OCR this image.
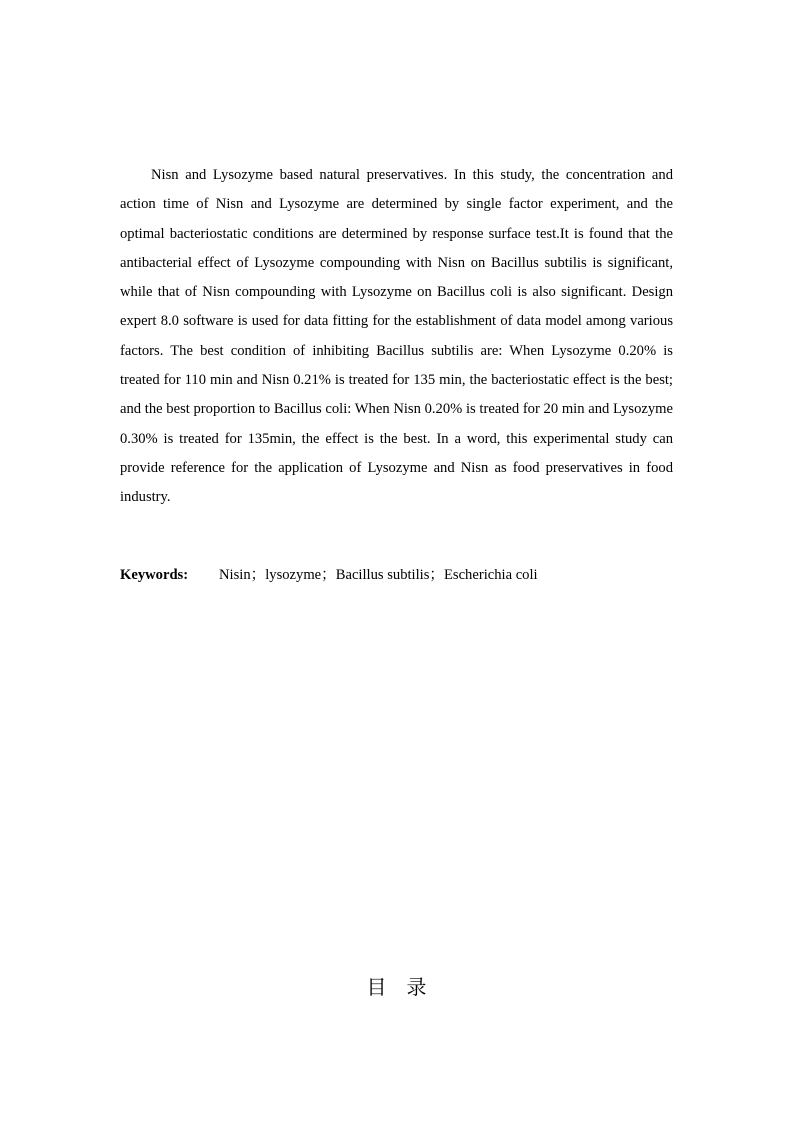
Nisn and Lysozyme based natural preservatives. In this study, the concentration and action time of Nisn and Lysozyme are determined by single factor experiment, and the optimal bacteriostatic conditions are determined by response surface test.It is found that the antibacterial effect of Lysozyme compounding with Nisn on Bacillus subtilis is significant, while that of Nisn compounding with Lysozyme on Bacillus coli is also significant. Design expert 8.0 software is used for data fitting for the establishment of data model among various factors. The best condition of inhibiting Bacillus subtilis are: When Lysozyme 0.20% is treated for 110 min and Nisn 0.21% is treated for 135 min, the bacteriostatic effect is the best; and the best proportion to Bacillus coli: When Nisn 0.20% is treated for 20 min and Lysozyme 0.30% is treated for 135min, the effect is the best. In a word, this experimental study can provide reference for the application of Lysozyme and Nisn as food preservatives in food industry.

Keywords: Nisin；lysozyme；Bacillus subtilis；Escherichia coli
目录
